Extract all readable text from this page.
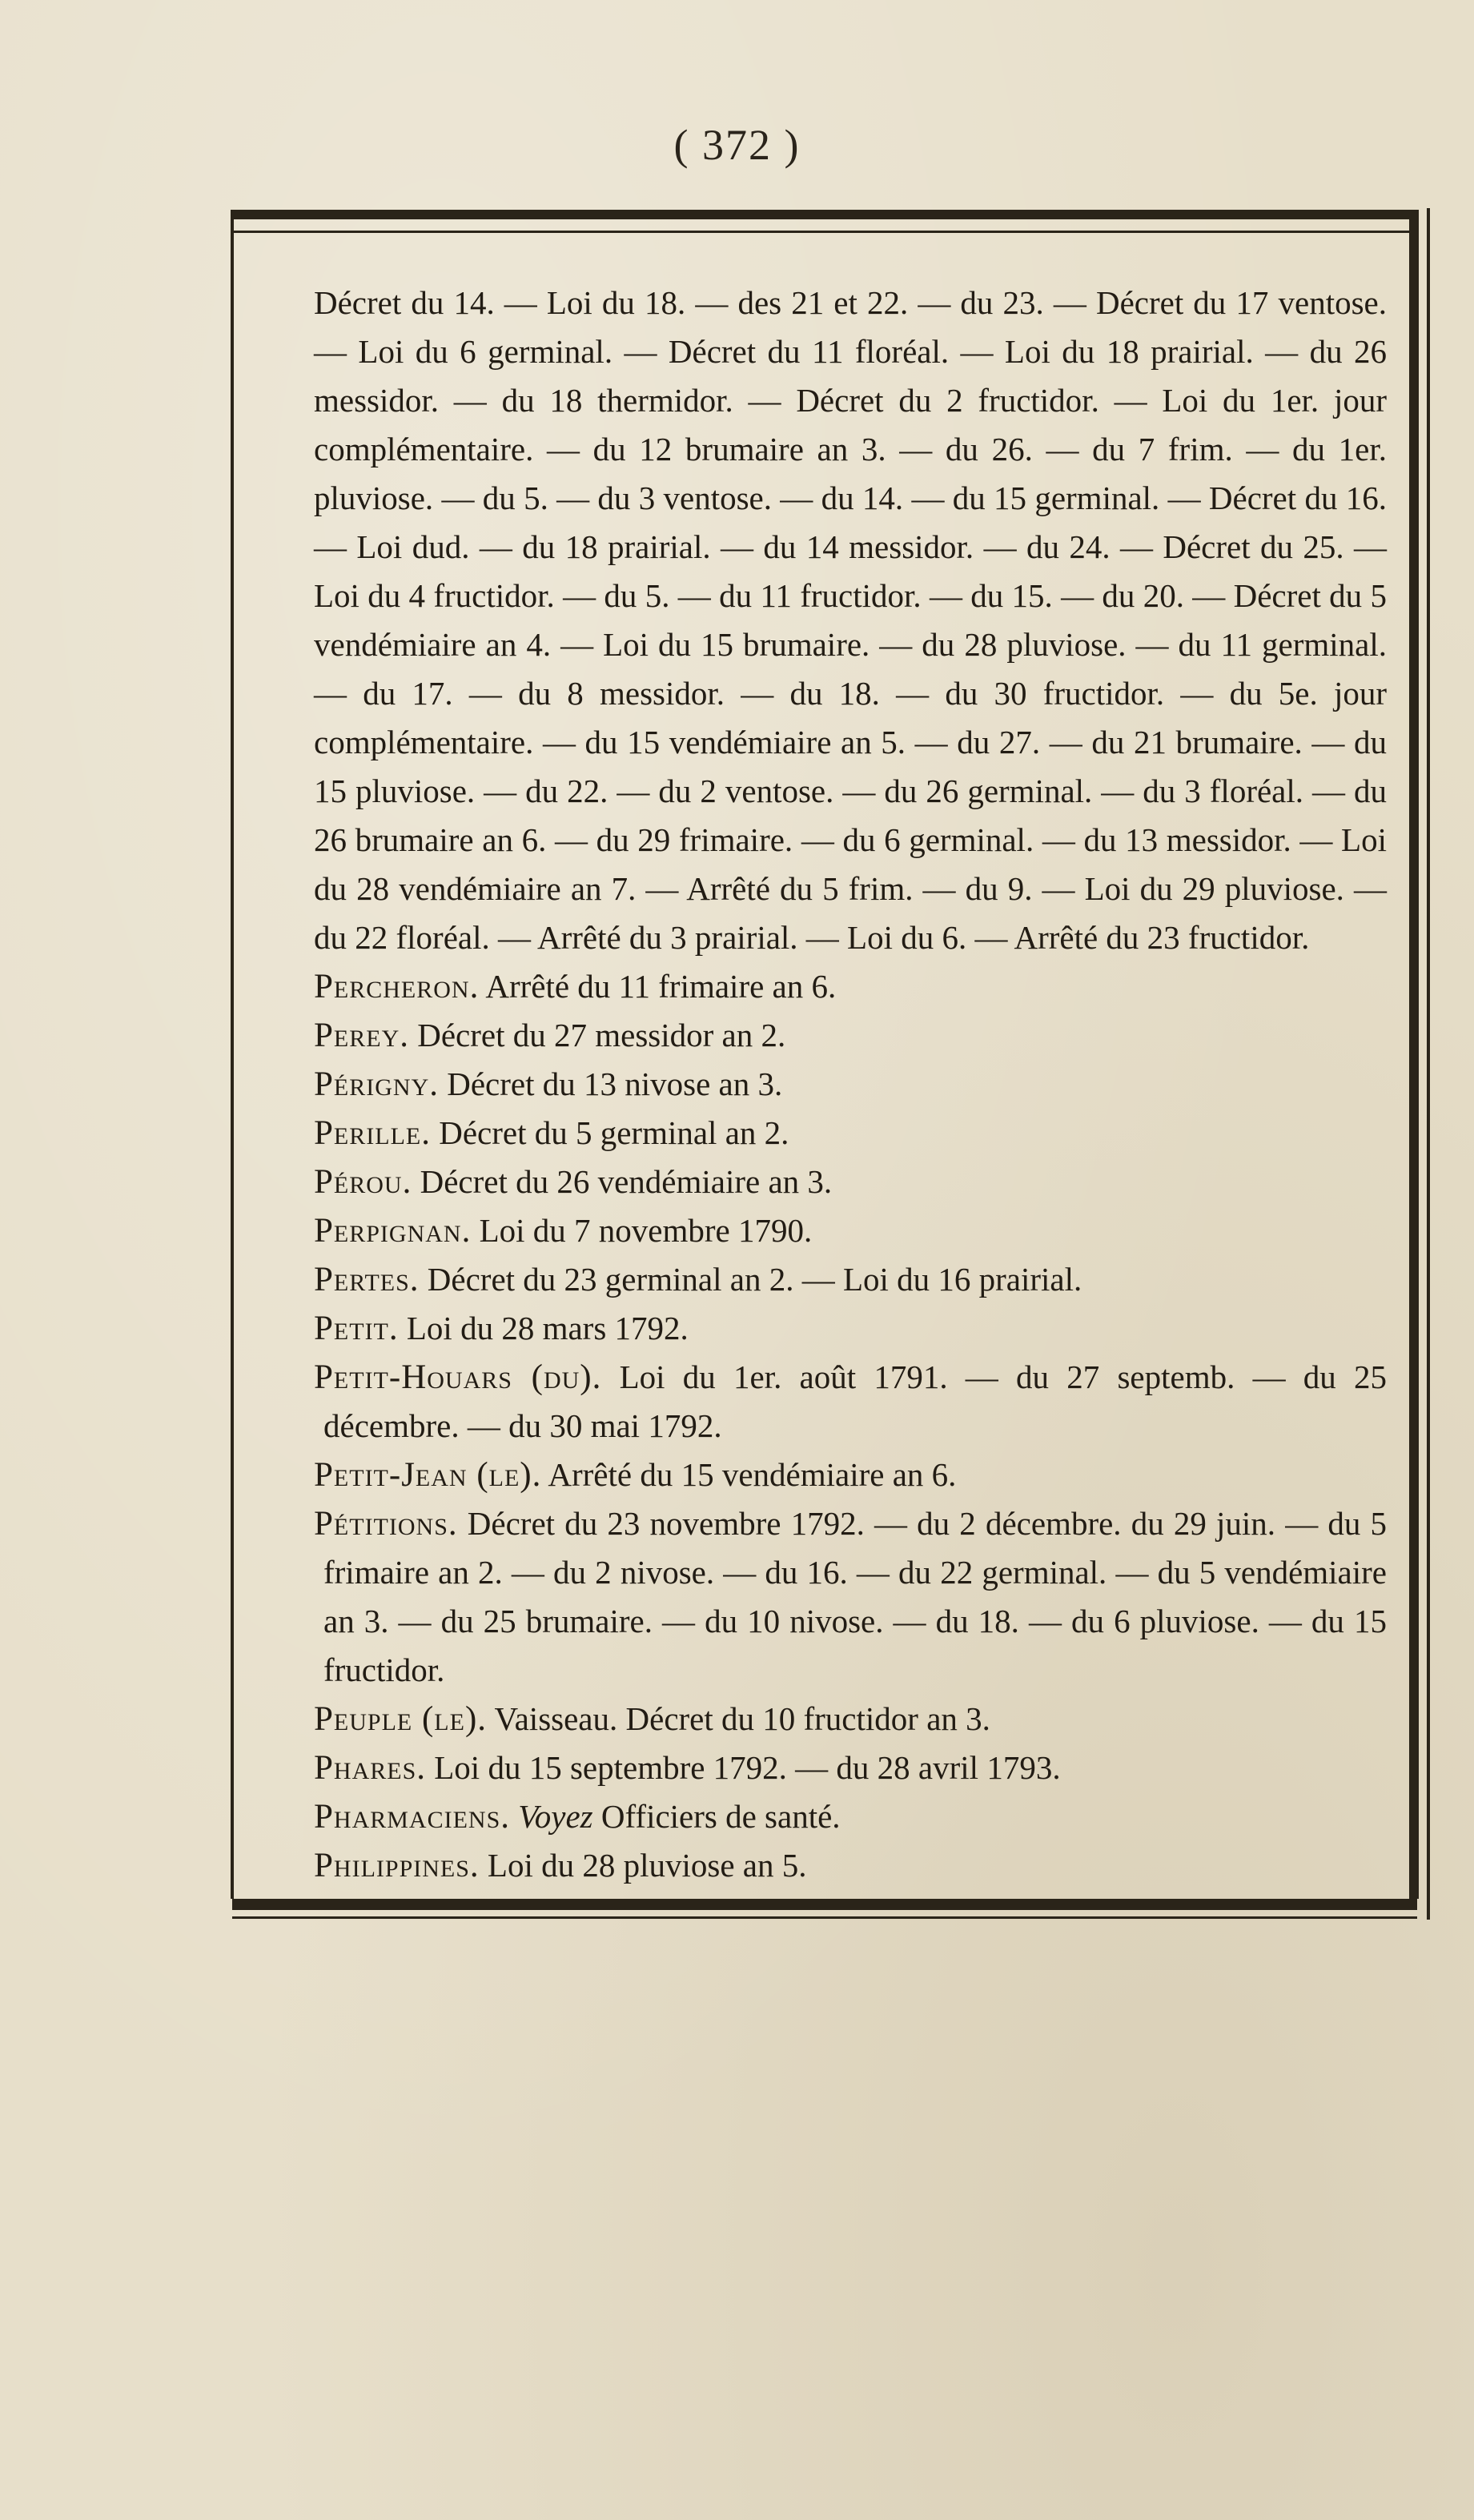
( 372 )

Décret du 14. — Loi du 18. — des 21 et 22. — du 23. — Décret du 17 ventose. — Loi du 6 germinal. — Décret du 11 floréal. — Loi du 18 prairial. — du 26 messidor. — du 18 thermidor. — Décret du 2 fructidor. — Loi du 1er. jour complémentaire. — du 12 brumaire an 3. — du 26. — du 7 frim. — du 1er. pluviose. — du 5. — du 3 ventose. — du 14. — du 15 germinal. — Décret du 16. — Loi dud. — du 18 prairial. — du 14 messidor. — du 24. — Décret du 25. — Loi du 4 fructidor. — du 5. — du 11 fructidor. — du 15. — du 20. — Décret du 5 vendémiaire an 4. — Loi du 15 brumaire. — du 28 pluviose. — du 11 germinal. — du 17. — du 8 messidor. — du 18. — du 30 fructidor. — du 5e. jour complémentaire. — du 15 vendémiaire an 5. — du 27. — du 21 brumaire. — du 15 pluviose. — du 22. — du 2 ventose. — du 26 germinal. — du 3 floréal. — du 26 brumaire an 6. — du 29 frimaire. — du 6 germinal. — du 13 messidor. — Loi du 28 vendémiaire an 7. — Arrêté du 5 frim. — du 9. — Loi du 29 pluviose. — du 22 floréal. — Arrêté du 3 prairial. — Loi du 6. — Arrêté du 23 fructidor.

Percheron. Arrêté du 11 frimaire an 6.

Perey. Décret du 27 messidor an 2.

Périgny. Décret du 13 nivose an 3.

Perille. Décret du 5 germinal an 2.

Pérou. Décret du 26 vendémiaire an 3.

Perpignan. Loi du 7 novembre 1790.

Pertes. Décret du 23 germinal an 2. — Loi du 16 prairial.

Petit. Loi du 28 mars 1792.

Petit-Houars (du). Loi du 1er. août 1791. — du 27 septemb. — du 25 décembre. — du 30 mai 1792.

Petit-Jean (le). Arrêté du 15 vendémiaire an 6.

Pétitions. Décret du 23 novembre 1792. — du 2 décembre. du 29 juin. — du 5 frimaire an 2. — du 2 nivose. — du 16. — du 22 germinal. — du 5 vendémiaire an 3. — du 25 brumaire. — du 10 nivose. — du 18. — du 6 pluviose. — du 15 fructidor.

Peuple (le). Vaisseau. Décret du 10 fructidor an 3.

Phares. Loi du 15 septembre 1792. — du 28 avril 1793.

Pharmaciens. Voyez Officiers de santé.

Philippines. Loi du 28 pluviose an 5.
